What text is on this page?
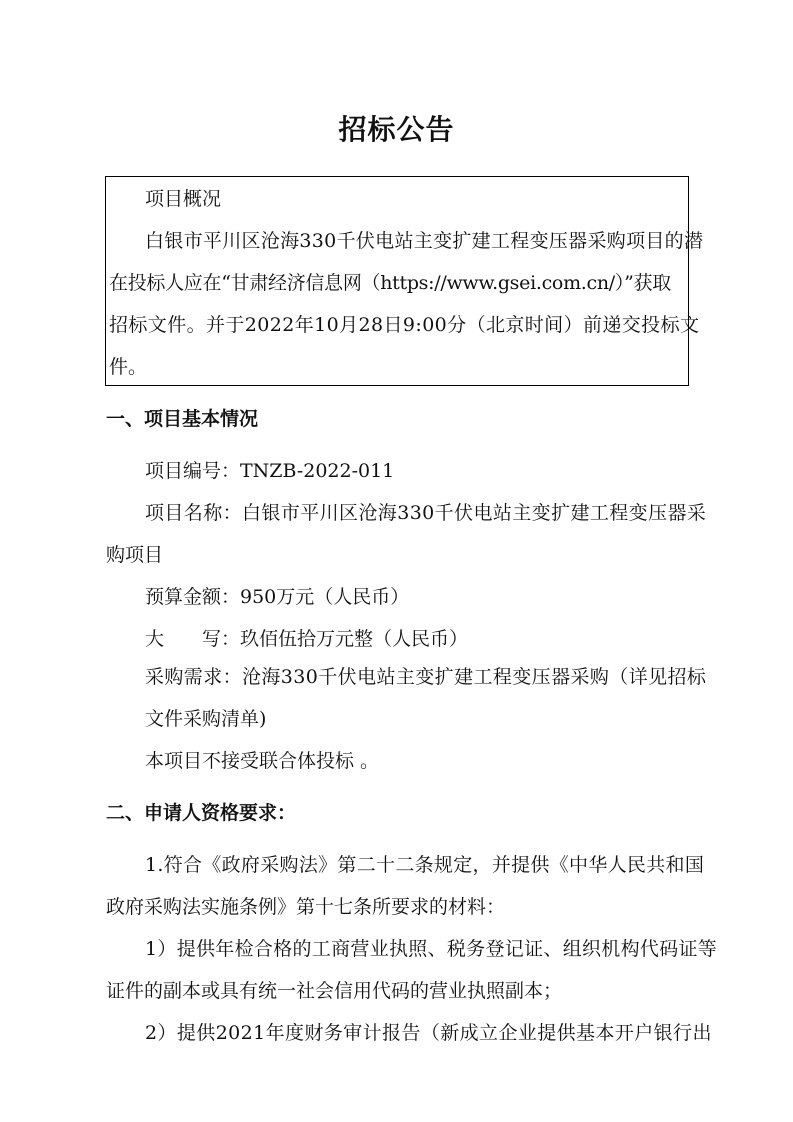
招标公告
项目概况
白银市平川区沧海330千伏电站主变扩建工程变压器采购项目的潜
在投标人应在“甘肃经济信息网（https://www.gsei.com.cn/）”获取
招标文件。并于2022年10月28日9:00分（北京时间）前递交投标文
件。
一、项目基本情况
项目编号：TNZB-2022-011
项目名称：白银市平川区沧海330千伏电站主变扩建工程变压器采
购项目
预算金额：950万元（人民币）
大　　写： 玖佰伍拾万元整（人民币）
采购需求：沧海330千伏电站主变扩建工程变压器采购（详见招标
文件采购清单)
本项目不接受联合体投标 。
二、申请人资格要求：
1.符合《政府采购法》第二十二条规定，并提供《中华人民共和国
政府采购法实施条例》第十七条所要求的材料：
1）提供年检合格的工商营业执照、税务登记证、组织机构代码证等
证件的副本或具有统一社会信用代码的营业执照副本；
2）提供2021年度财务审计报告（新成立企业提供基本开户银行出
